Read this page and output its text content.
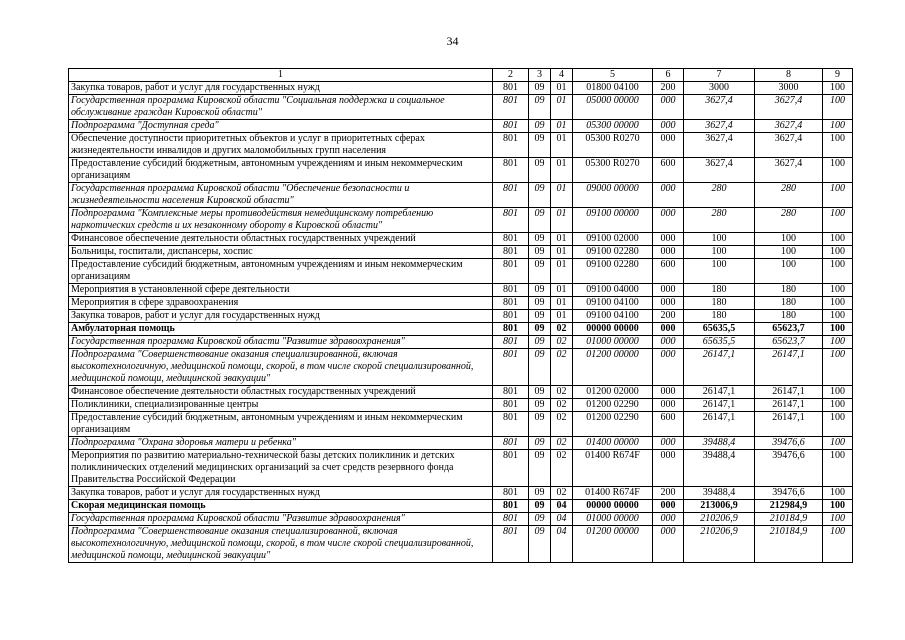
34
1	2	3	4	5	6	7	8	9
Закупка товаров, работ и услуг для государственных нужд	801	09	01	01800 04100	200	3000	3000	100
Государственная программа Кировской области "Социальная поддержка и социальное обслуживание граждан Кировской области"	801	09	01	05000 00000	000	3627,4	3627,4	100
Подпрограмма "Доступная среда"	801	09	01	05300 00000	000	3627,4	3627,4	100
Обеспечение доступности приоритетных объектов и услуг в приоритетных сферах жизнедеятельности инвалидов и других маломобильных групп населения	801	09	01	05300 R0270	000	3627,4	3627,4	100
Предоставление субсидий бюджетным, автономным учреждениям и иным некоммерческим организациям	801	09	01	05300 R0270	600	3627,4	3627,4	100
Государственная программа Кировской области "Обеспечение безопасности и жизнедеятельности населения Кировской области"	801	09	01	09000 00000	000	280	280	100
Подпрограмма "Комплексные меры противодействия немедицинскому потреблению наркотических средств и их незаконному обороту в Кировской области"	801	09	01	09100 00000	000	280	280	100
Финансовое обеспечение деятельности областных государственных учреждений	801	09	01	09100 02000	000	100	100	100
Больницы, госпитали, диспансеры, хоспис	801	09	01	09100 02280	000	100	100	100
Предоставление субсидий бюджетным, автономным учреждениям и иным некоммерческим организациям	801	09	01	09100 02280	600	100	100	100
Мероприятия в установленной сфере деятельности	801	09	01	09100 04000	000	180	180	100
Мероприятия в сфере здравоохранения	801	09	01	09100 04100	000	180	180	100
Закупка товаров, работ и услуг для государственных нужд	801	09	01	09100 04100	200	180	180	100
Амбулаторная помощь	801	09	02	00000 00000	000	65635,5	65623,7	100
Государственная программа Кировской области "Развитие здравоохранения"	801	09	02	01000 00000	000	65635,5	65623,7	100
Подпрограмма "Совершенствование оказания специализированной, включая высокотехнологичную, медицинской помощи, скорой, в том числе скорой специализированной, медицинской помощи, медицинской эвакуации"	801	09	02	01200 00000	000	26147,1	26147,1	100
Финансовое обеспечение деятельности областных государственных учреждений	801	09	02	01200 02000	000	26147,1	26147,1	100
Поликлиники, специализированные центры	801	09	02	01200 02290	000	26147,1	26147,1	100
Предоставление субсидий бюджетным, автономным учреждениям и иным некоммерческим организациям	801	09	02	01200 02290	600	26147,1	26147,1	100
Подпрограмма "Охрана здоровья матери и ребенка"	801	09	02	01400 00000	000	39488,4	39476,6	100
Мероприятия по развитию материально-технической базы детских поликлиник и детских поликлинических отделений медицинских организаций за счет средств резервного фонда Правительства Российской Федерации	801	09	02	01400 R674F	000	39488,4	39476,6	100
Закупка товаров, работ и услуг для государственных нужд	801	09	02	01400 R674F	200	39488,4	39476,6	100
Скорая медицинская помощь	801	09	04	00000 00000	000	213006,9	212984,9	100
Государственная программа Кировской области "Развитие здравоохранения"	801	09	04	01000 00000	000	210206,9	210184,9	100
Подпрограмма "Совершенствование оказания специализированной, включая высокотехнологичную, медицинской помощи, скорой, в том числе скорой специализированной, медицинской помощи, медицинской эвакуации"	801	09	04	01200 00000	000	210206,9	210184,9	100
